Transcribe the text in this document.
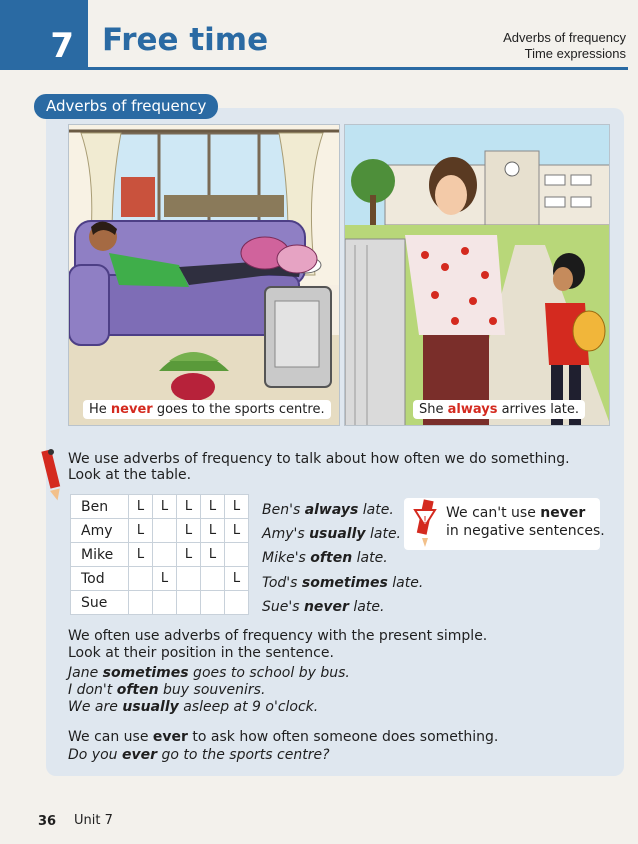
7 Free time	Adverbs of frequency
Time expressions
Adverbs of frequency
He never goes to the sports centre.	She always arrives late.
We use adverbs of frequency to talk about how often we do something.
Look at the table.
Ben	L	L	L	L	L
Amy	L		L	L	L
Mike	L		L	L	
Tod		L			L
Sue					
Ben's always late.
Amy's usually late.
Mike's often late.
Tod's sometimes late.
Sue's never late.
! We can't use never
in negative sentences.
We often use adverbs of frequency with the present simple.
Look at their position in the sentence.
Jane sometimes goes to school by bus.
I don't often buy souvenirs.
We are usually asleep at 9 o'clock.
We can use ever to ask how often someone does something.
Do you ever go to the sports centre?
36	Unit 7
